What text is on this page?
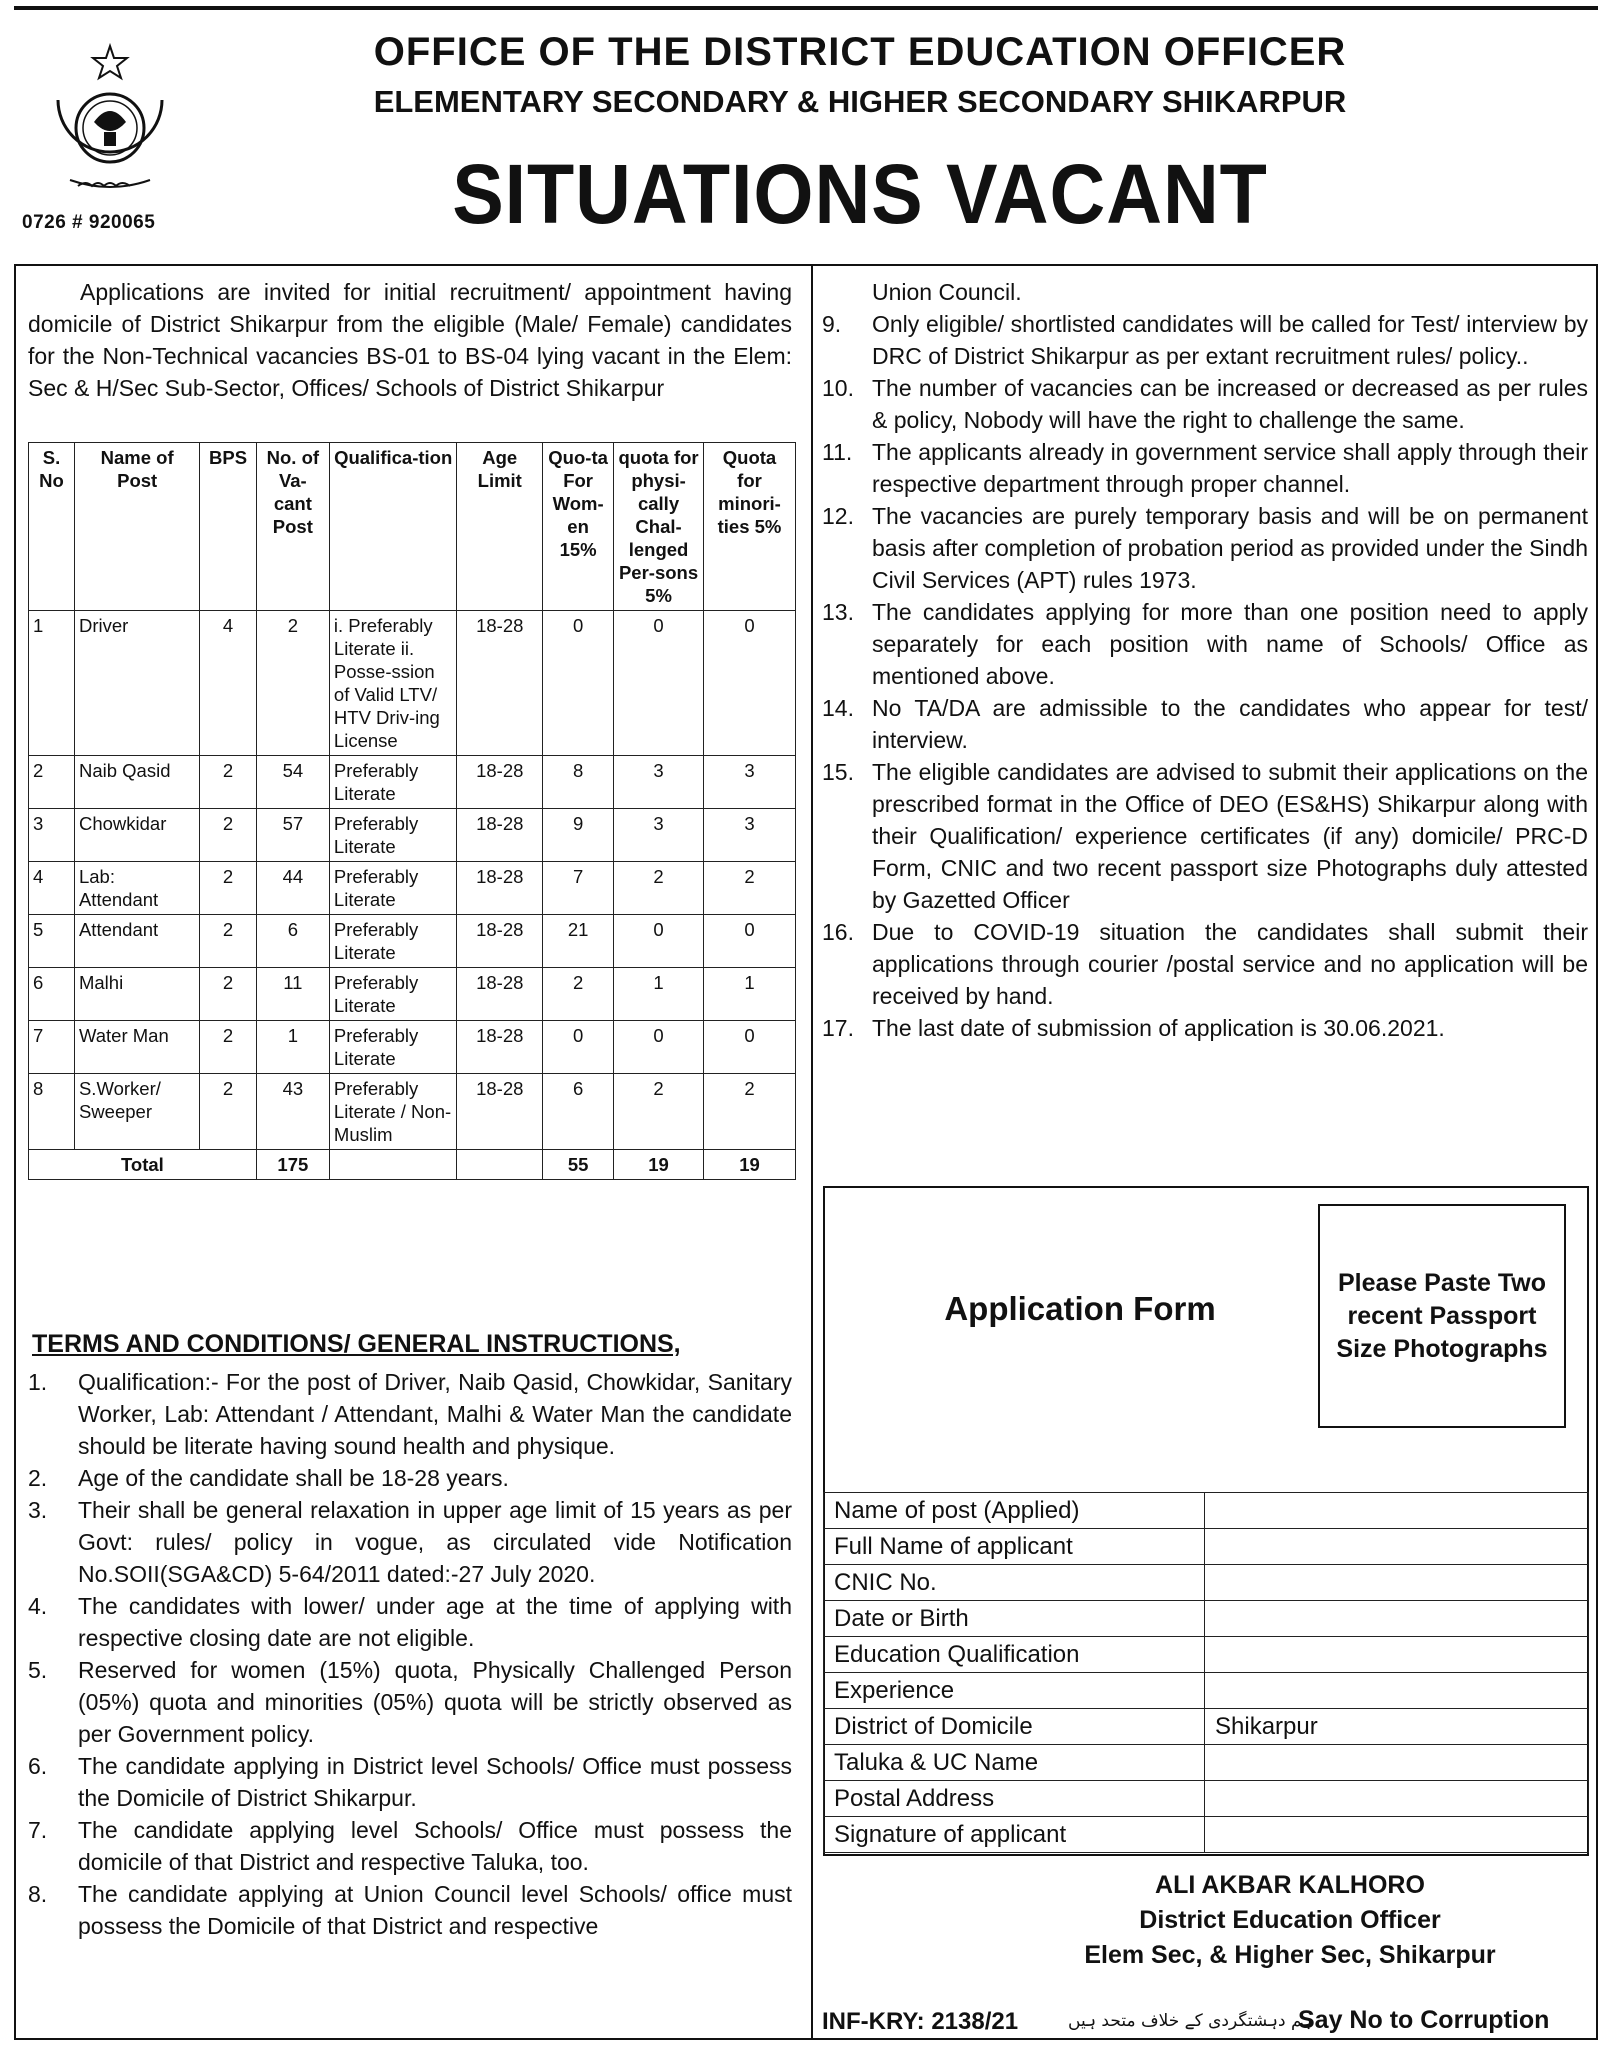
0726 # 920065
OFFICE OF THE DISTRICT EDUCATION OFFICER
ELEMENTARY SECONDARY & HIGHER SECONDARY SHIKARPUR
SITUATIONS VACANT
Applications are invited for initial recruitment/ appointment having domicile of District Shikarpur from the eligible (Male/ Female) candidates for the Non-Technical vacancies BS-01 to BS-04 lying vacant in the Elem: Sec & H/Sec Sub-Sector, Offices/ Schools of District Shikarpur
S. No	Name of Post	BPS	No. of Va-cant Post	Qualifica-tion	Age Limit	Quo-ta For Wom-en 15%	quota for physi-cally Chal-lenged Per-sons 5%	Quota for minori-ties 5%
1	Driver	4	2	i. Preferably Literate ii. Posse-ssion of Valid LTV/ HTV Driv-ing License	18-28	0	0	0
2	Naib Qasid	2	54	Preferably Literate	18-28	8	3	3
3	Chowkidar	2	57	Preferably Literate	18-28	9	3	3
4	Lab: Attendant	2	44	Preferably Literate	18-28	7	2	2
5	Attendant	2	6	Preferably Literate	18-28	21	0	0
6	Malhi	2	11	Preferably Literate	18-28	2	1	1
7	Water Man	2	1	Preferably Literate	18-28	0	0	0
8	S.Worker/ Sweeper	2	43	Preferably Literate / Non-Muslim	18-28	6	2	2
Total			175			55	19	19
TERMS AND CONDITIONS/ GENERAL INSTRUCTIONS,
1.	Qualification:- For the post of Driver, Naib Qasid, Chowkidar, Sanitary Worker, Lab: Attendant / Attendant, Malhi & Water Man the candidate should be literate having sound health and physique.
2.	Age of the candidate shall be 18-28 years.
3.	Their shall be general relaxation in upper age limit of 15 years as per Govt: rules/ policy in vogue, as circulated vide Notification No.SOII(SGA&CD) 5-64/2011 dated:-27 July 2020.
4.	The candidates with lower/ under age at the time of applying with respective closing date are not eligible.
5.	Reserved for women (15%) quota, Physically Challenged Person (05%) quota and minorities (05%) quota will be strictly observed as per Government policy.
6.	The candidate applying in District level Schools/ Office must possess the Domicile of District Shikarpur.
7.	The candidate applying level Schools/ Office must possess the domicile of that District and respective Taluka, too.
8.	The candidate applying at Union Council level Schools/ office must possess the Domicile of that District and respective
Union Council.
9.	Only eligible/ shortlisted candidates will be called for Test/ interview by DRC of District Shikarpur as per extant recruitment rules/ policy..
10. The number of vacancies can be increased or decreased as per rules & policy, Nobody will have the right to challenge the same.
11. The applicants already in government service shall apply through their respective department through proper channel.
12. The vacancies are purely temporary basis and will be on permanent basis after completion of probation period as provided under the Sindh Civil Services (APT) rules 1973.
13. The candidates applying for more than one position need to apply separately for each position with name of Schools/ Office as mentioned above.
14. No TA/DA are admissible to the candidates who appear for test/ interview.
15. The eligible candidates are advised to submit their applications on the prescribed format in the Office of DEO (ES&HS) Shikarpur along with their Qualification/ experience certificates (if any) domicile/ PRC-D Form, CNIC and two recent passport size Photographs duly attested by Gazetted Officer
16. Due to COVID-19 situation the candidates shall submit their applications through courier /postal service and no application will be received by hand.
17. The last date of submission of application is 30.06.2021.
Application Form
Please Paste Two recent Passport Size Photographs
Name of post (Applied)	
Full Name of applicant	
CNIC No.	
Date or Birth	
Education Qualification	
Experience	
District of Domicile	Shikarpur
Taluka & UC Name	
Postal Address	
Signature of applicant	
ALI AKBAR KALHORO
District Education Officer
Elem Sec, & Higher Sec, Shikarpur
INF-KRY: 2138/21	ہم دہشتگردی کے خلاف متحد ہیں
Say No to Corruption
